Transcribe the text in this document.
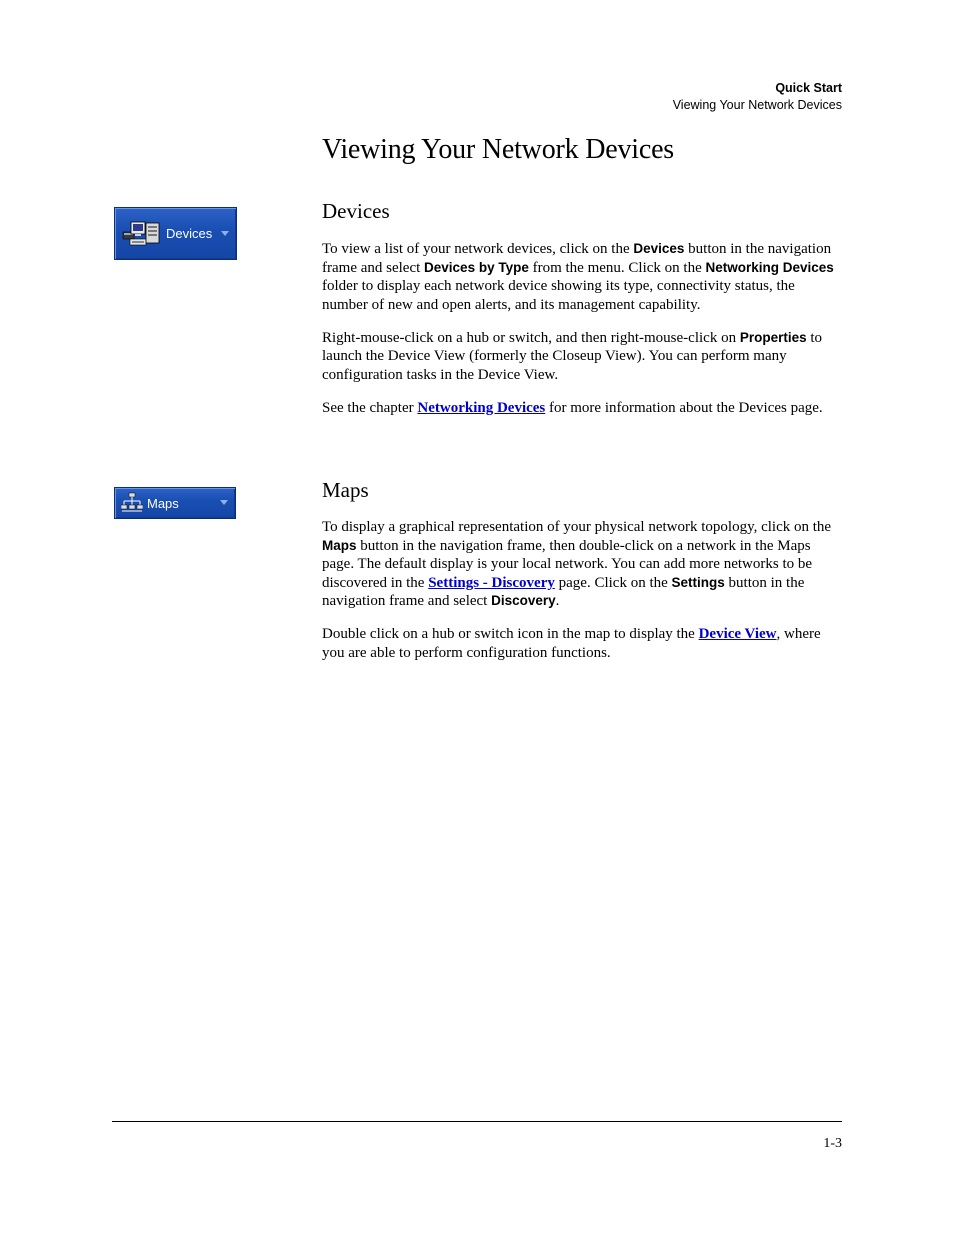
Quick Start
Viewing Your Network Devices
Viewing Your Network Devices
Devices
Devices

To view a list of your network devices, click on the Devices button in the navigation frame and select Devices by Type from the menu. Click on the Networking Devices folder to display each network device showing its type, connectivity status, the number of new and open alerts, and its management capability.

Right-mouse-click on a hub or switch, and then right-mouse-click on Properties to launch the Device View (formerly the Closeup View). You can perform many configuration tasks in the Device View.

See the chapter Networking Devices for more information about the Devices page.

Maps
Maps

To display a graphical representation of your physical network topology, click on the Maps button in the navigation frame, then double-click on a network in the Maps page. The default display is your local network. You can add more networks to be discovered in the Settings - Discovery page. Click on the Settings button in the navigation frame and select Discovery.

Double click on a hub or switch icon in the map to display the Device View, where you are able to perform configuration functions.

1-3
